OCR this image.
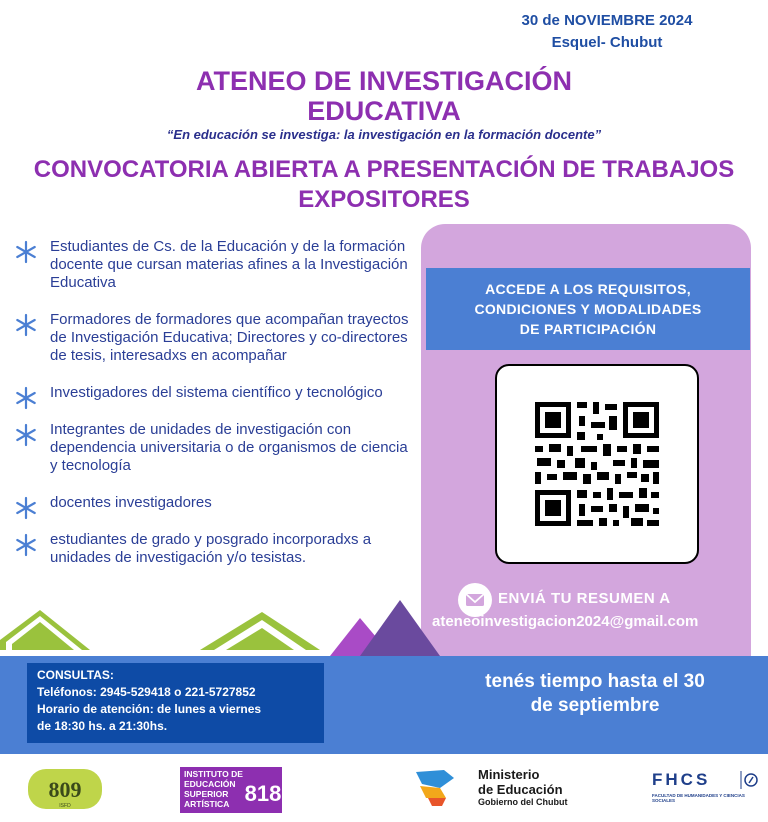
30 de NOVIEMBRE 2024
Esquel- Chubut
ATENEO DE INVESTIGACIÓN
EDUCATIVA
“En educación se investiga: la investigación en la formación docente”
CONVOCATORIA ABIERTA A PRESENTACIÓN DE TRABAJOS
EXPOSITORES
Estudiantes de Cs. de la Educación y de la formación docente que cursan materias afines a la Investigación Educativa
Formadores de formadores que acompañan trayectos de Investigación Educativa; Directores y co-directores de tesis, interesadxs en acompañar
Investigadores del sistema científico y tecnológico
Integrantes de unidades de investigación con dependencia universitaria o de organismos de ciencia y tecnología
docentes investigadores
estudiantes de grado y posgrado incorporadxs a unidades de investigación y/o tesistas.
ACCEDE A LOS REQUISITOS,
CONDICIONES Y MODALIDADES
DE PARTICIPACIÓN
ENVIÁ TU RESUMEN A
ateneoinvestigacion2024@gmail.com
CONSULTAS:
Teléfonos: 2945-529418 o 221-5727852
Horario de atención: de lunes a viernes
de 18:30 hs. a 21:30hs.
tenés tiempo hasta el 30
de septiembre
809
ISFD
INSTITUTO DE
EDUCACIÓN
SUPERIOR
ARTÍSTICA 818
Ministerio
de Educación
Gobierno del Chubut
FHCS
FACULTAD DE HUMANIDADES Y CIENCIAS SOCIALES
